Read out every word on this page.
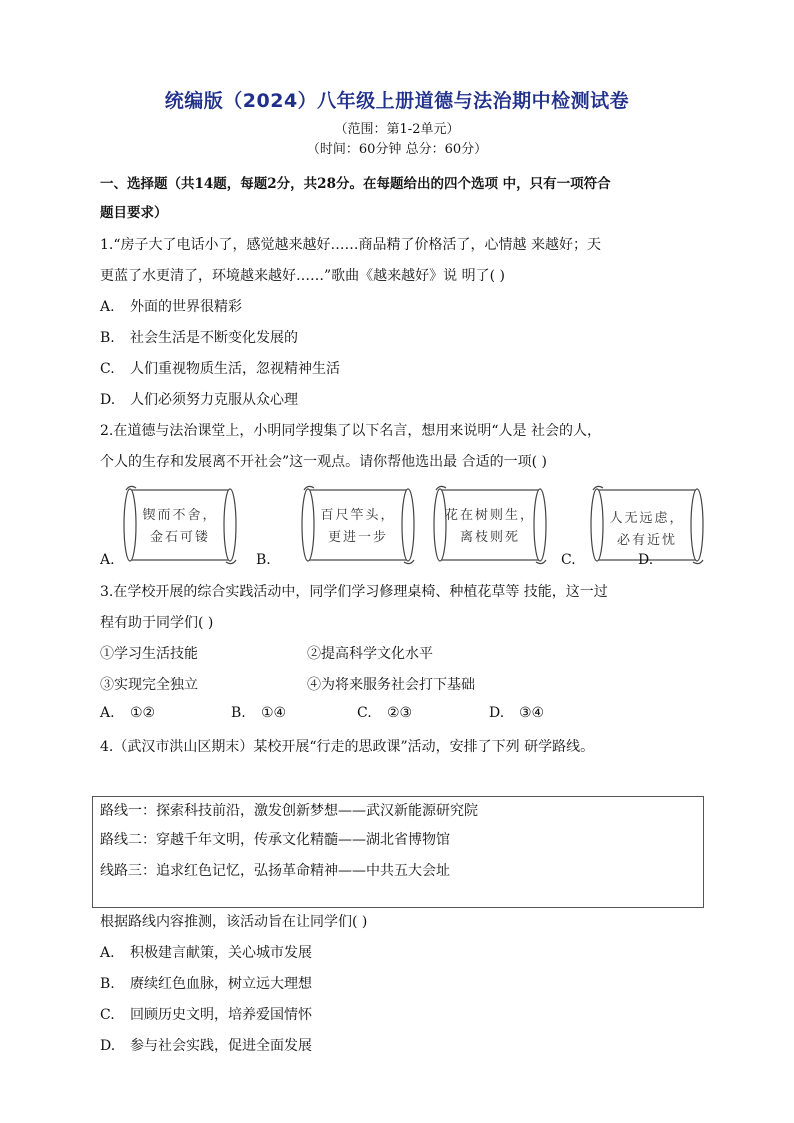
统编版（2024）八年级上册道德与法治期中检测试卷
（范围：第1-2单元）
（时间：60分钟 总分：60分）
一、选择题（共14题，每题2分，共28分。在每题给出的四个选项 中，只有一项符合
题目要求）
1.“房子大了电话小了，感觉越来越好……商品精了价格活了，心情越 来越好；天
更蓝了水更清了，环境越来越好……”歌曲《越来越好》说 明了( )
A. 外面的世界很精彩
B. 社会生活是不断变化发展的
C. 人们重视物质生活，忽视精神生活
D. 人们必须努力克服从众心理
2.在道德与法治课堂上，小明同学搜集了以下名言，想用来说明“人是 社会的人，
个人的生存和发展离不开社会”这一观点。请你帮他选出最 合适的一项( )
锲而不舍，
金石可镂
A.
百尺竿头，
更进一步
B.
花在树则生，
离枝则死
C.
人无远虑，
必有近忧
D.
3.在学校开展的综合实践活动中，同学们学习修理桌椅、种植花草等 技能，这一过
程有助于同学们( )
①学习生活技能	②提高科学文化水平
③实现完全独立	④为将来服务社会打下基础
A. ①②	B. ①④	C. ②③	D. ③④
4.（武汉市洪山区期末）某校开展“行走的思政课”活动，安排了下列 研学路线。
路线一：探索科技前沿，激发创新梦想——武汉新能源研究院
路线二：穿越千年文明，传承文化精髓——湖北省博物馆
线路三：追求红色记忆，弘扬革命精神——中共五大会址
根据路线内容推测，该活动旨在让同学们( )
A. 积极建言献策，关心城市发展
B. 赓续红色血脉，树立远大理想
C. 回顾历史文明，培养爱国情怀
D. 参与社会实践，促进全面发展
